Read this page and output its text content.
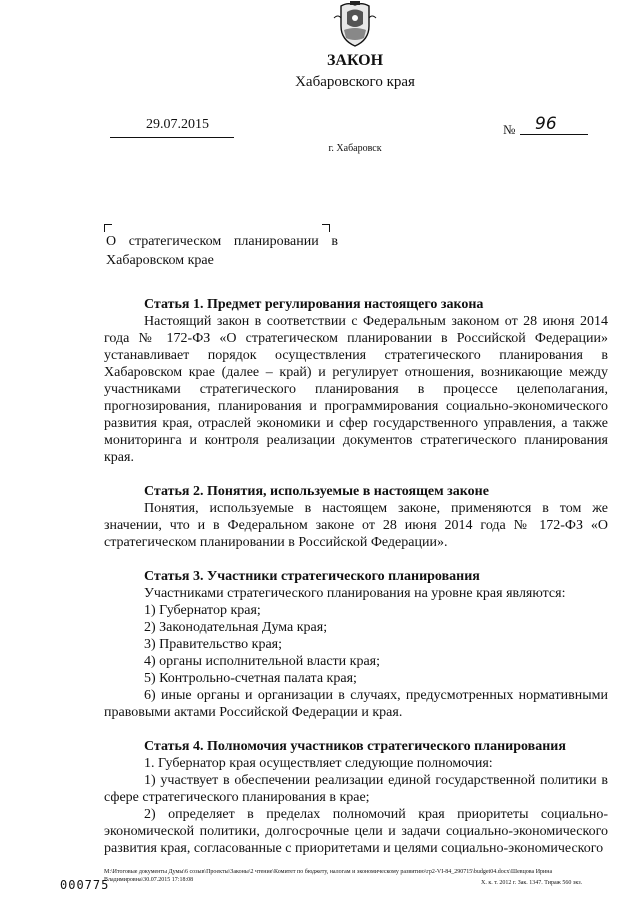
ЗАКОН
Хабаровского края
29.07.2015	№ 96
г. Хабаровск
О стратегическом планировании в Хабаровском крае
Статья 1. Предмет регулирования настоящего закона

Настоящий закон в соответствии с Федеральным законом от 28 июня 2014 года № 172-ФЗ «О стратегическом планировании в Российской Федерации» устанавливает порядок осуществления стратегического планирования в Хабаровском крае (далее – край) и регулирует отношения, возникающие между участниками стратегического планирования в процессе целеполагания, прогнозирования, планирования и программирования социально-экономического развития края, отраслей экономики и сфер государственного управления, а также мониторинга и контроля реализации документов стратегического планирования края.

Статья 2. Понятия, используемые в настоящем законе

Понятия, используемые в настоящем законе, применяются в том же значении, что и в Федеральном законе от 28 июня 2014 года № 172-ФЗ «О стратегическом планировании в Российской Федерации».

Статья 3. Участники стратегического планирования

Участниками стратегического планирования на уровне края являются:

1) Губернатор края;

2) Законодательная Дума края;

3) Правительство края;

4) органы исполнительной власти края;

5) Контрольно-счетная палата края;

6) иные органы и организации в случаях, предусмотренных нормативными правовыми актами Российской Федерации и края.

Статья 4. Полномочия участников стратегического планирования

1. Губернатор края осуществляет следующие полномочия:

1) участвует в обеспечении реализации единой государственной политики в сфере стратегического планирования в крае;

2) определяет в пределах полномочий края приоритеты социально-экономической политики, долгосрочные цели и задачи социально-экономического развития края, согласованные с приоритетами и целями социально-экономического

М:\Итоговые документы Думы\6 созыв\Проекты\Законы\2 чтение\Комитет по бюджету, налогам и экономическому развитию\гр2-VI-84_290715\budget04.docx\Шевцова Ирина Владимировна\30.07.2015 17:18:08
000775	Х. к. т. 2012 г. Зак. 1347. Тираж 560 экз.
